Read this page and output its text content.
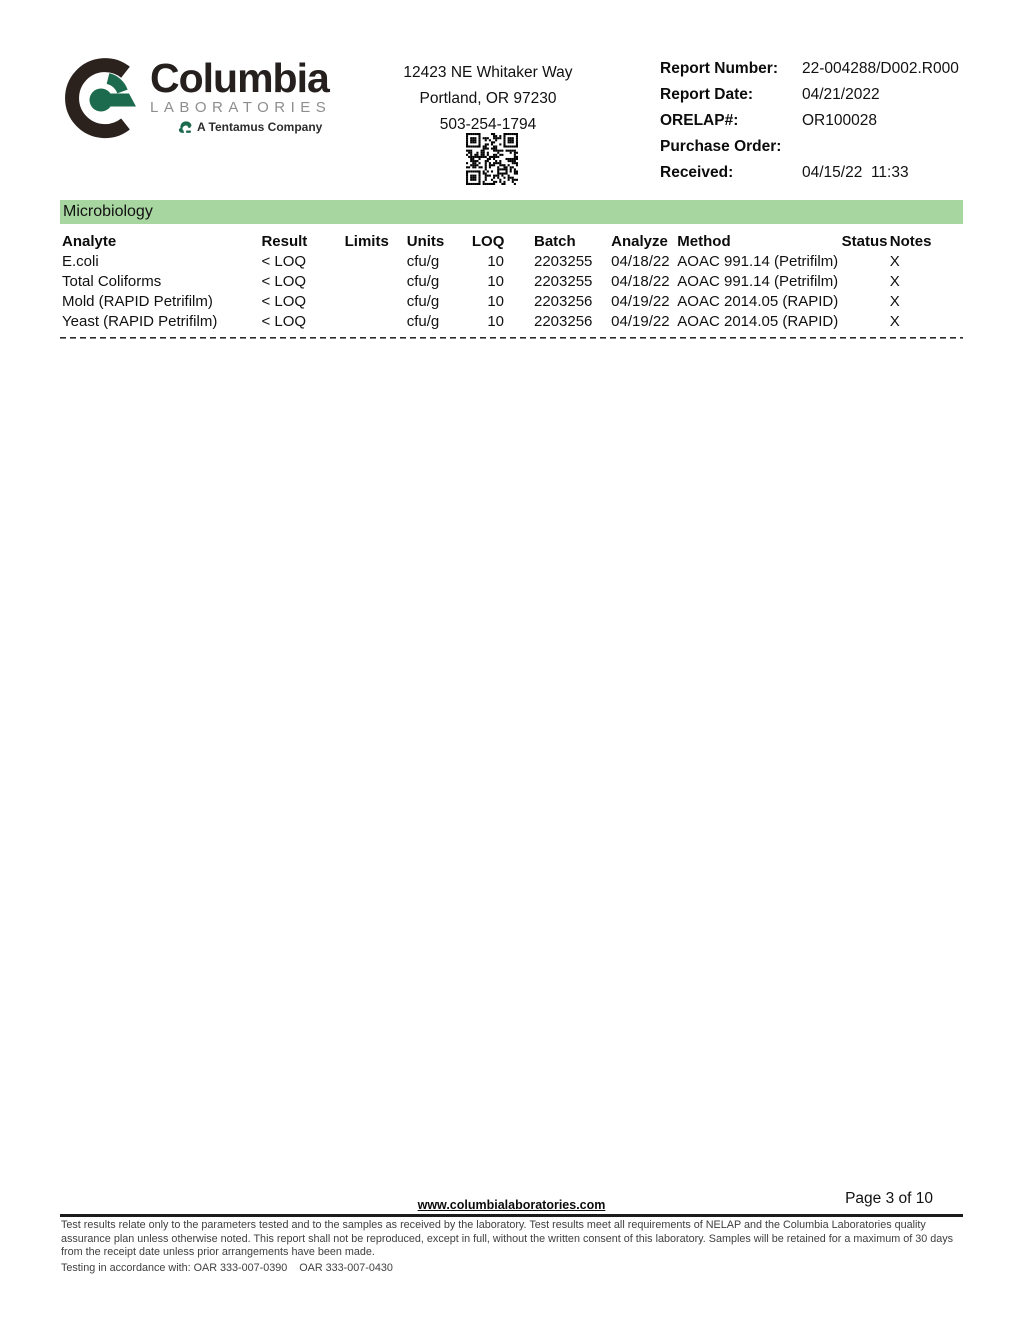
Columbia
LABORATORIES
A Tentamus Company
12423 NE Whitaker Way
Portland, OR 97230
503-254-1794
Report Number:	22-004288/D002.R000
Report Date:	04/21/2022
ORELAP#:	OR100028
Purchase Order:
Received:	04/15/22  11:33
Microbiology
Analyte	Result	Limits	Units	LOQ	Batch	Analyze	Method	Status	Notes
E.coli	< LOQ		cfu/g	10	2203255	04/18/22	AOAC 991.14 (Petrifilm)		X
Total Coliforms	< LOQ		cfu/g	10	2203255	04/18/22	AOAC 991.14 (Petrifilm)		X
Mold (RAPID Petrifilm)	< LOQ		cfu/g	10	2203256	04/19/22	AOAC 2014.05 (RAPID)		X
Yeast (RAPID Petrifilm)	< LOQ		cfu/g	10	2203256	04/19/22	AOAC 2014.05 (RAPID)		X
Page 3 of 10
www.columbialaboratories.com
Test results relate only to the parameters tested and to the samples as received by the laboratory. Test results meet all requirements of NELAP and the Columbia Laboratories quality assurance plan unless otherwise noted. This report shall not be reproduced, except in full, without the written consent of this laboratory. Samples will be retained for a maximum of 30 days from the receipt date unless prior arrangements have been made.
Testing in accordance with: OAR 333-007-0390    OAR 333-007-0430
